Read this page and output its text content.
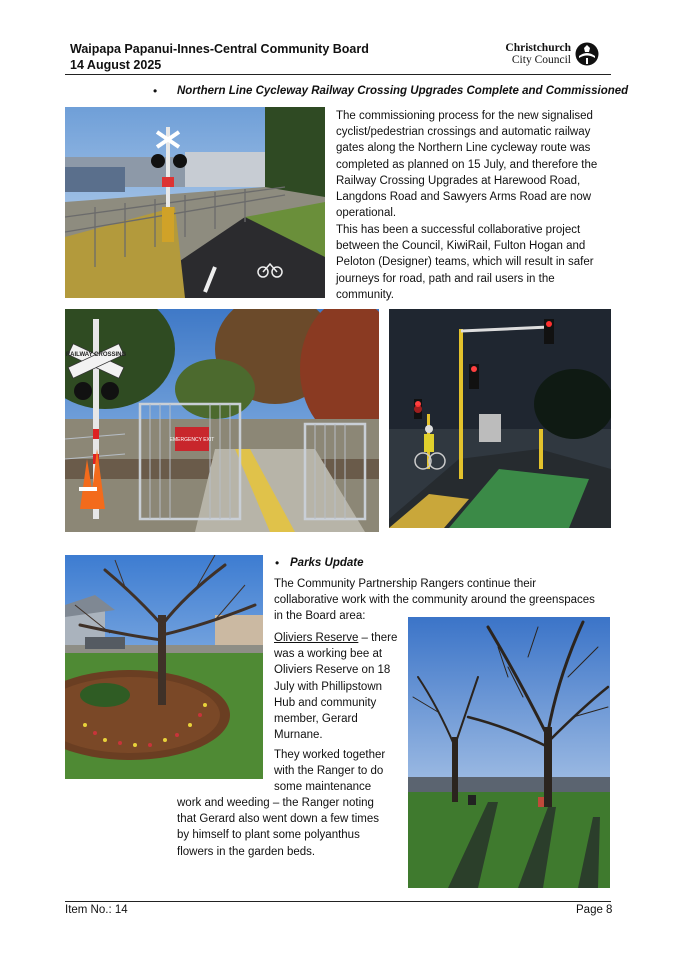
Waipapa Papanui-Innes-Central Community Board
14 August 2025
Christchurch
City Council
• Northern Line Cycleway Railway Crossing Upgrades Complete and Commissioned
The commissioning process for the new signalised
cyclist/pedestrian crossings and automatic railway
gates along the Northern Line cycleway route was
completed as planned on 15 July, and therefore the
Railway Crossing Upgrades at Harewood Road,
Langdons Road and Sawyers Arms Road are now
operational.
This has been a successful collaborative project
between the Council, KiwiRail, Fulton Hogan and
Peloton (Designer) teams, which will result in safer
journeys for road, path and rail users in the
community.
EMERGENCY EXIT
RAILWAY CROSSING
• Parks Update
The Community Partnership Rangers continue their
collaborative work with the community around the greenspaces
in the Board area:
Oliviers Reserve – there
was a working bee at
Oliviers Reserve on 18
July with Phillipstown
Hub and community
member, Gerard
Murnane.
They worked together
with the Ranger to do
some maintenance
work and weeding – the Ranger noting
that Gerard also went down a few times
by himself to plant some polyanthus
flowers in the garden beds.
Item No.: 14	Page 8
